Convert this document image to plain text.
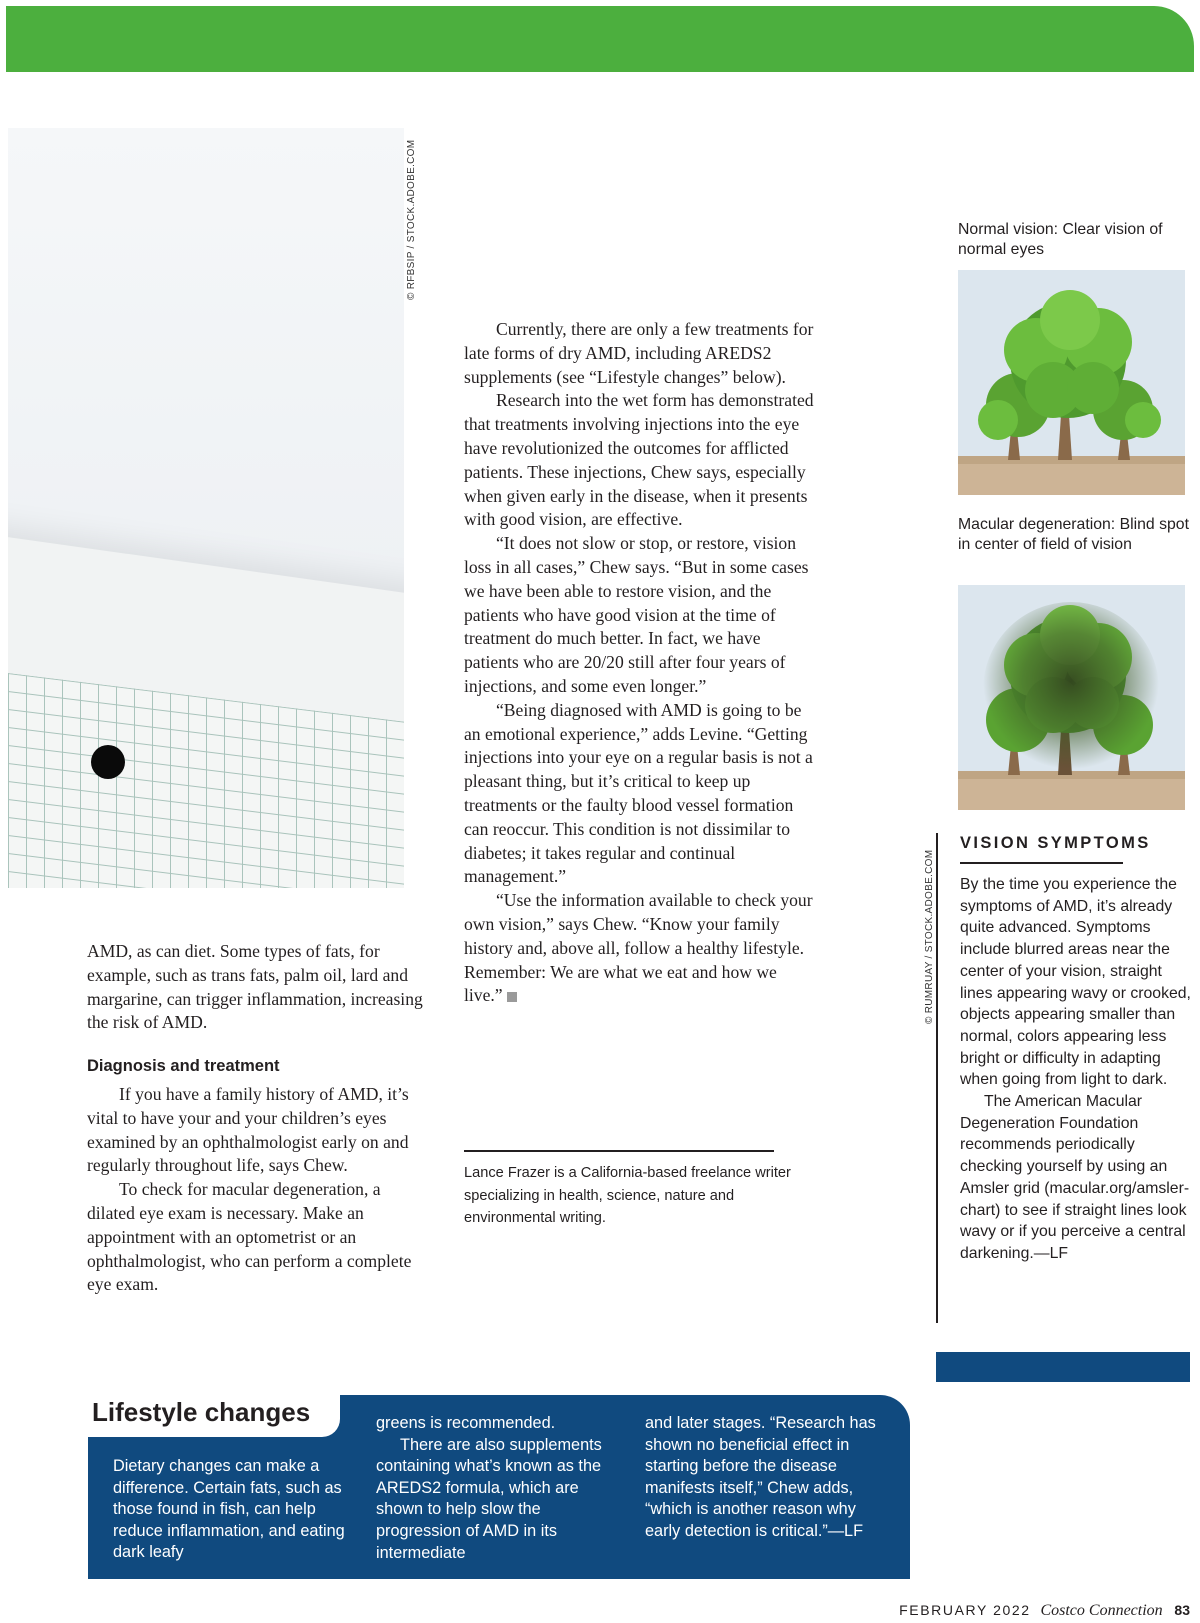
© RFBSIP / STOCK.ADOBE.COM

AMD, as can diet. Some types of fats, for example, such as trans fats, palm oil, lard and margarine, can trigger inflammation, increasing the risk of AMD.

Diagnosis and treatment

If you have a family history of AMD, it’s vital to have your and your children’s eyes examined by an ophthalmologist early on and regularly throughout life, says Chew.

To check for macular degeneration, a dilated eye exam is necessary. Make an appointment with an optometrist or an ophthalmologist, who can perform a complete eye exam.

Currently, there are only a few treatments for late forms of dry AMD, including AREDS2 supplements (see “Lifestyle changes” below).

Research into the wet form has demonstrated that treatments involving injections into the eye have revolutionized the outcomes for afflicted patients. These injections, Chew says, especially when given early in the disease, when it presents with good vision, are effective.

“It does not slow or stop, or restore, vision loss in all cases,” Chew says. “But in some cases we have been able to restore vision, and the patients who have good vision at the time of treatment do much better. In fact, we have patients who are 20/20 still after four years of injections, and some even longer.”

“Being diagnosed with AMD is going to be an emotional experience,” adds Levine. “Getting injections into your eye on a regular basis is not a pleasant thing, but it’s critical to keep up treatments or the faulty blood vessel formation can reoccur. This condition is not dissimilar to diabetes; it takes regular and continual management.”

“Use the information available to check your own vision,” says Chew. “Know your family history and, above all, follow a healthy lifestyle. Remember: We are what we eat and how we live.”

Lance Frazer is a California-based freelance writer specializing in health, science, nature and environmental writing.
Normal vision: Clear vision of normal eyes
Macular degeneration: Blind spot in center of field of vision
© RUMRUAY / STOCK.ADOBE.COM
VISION SYMPTOMS

By the time you experience the symptoms of AMD, it’s already quite advanced. Symptoms include blurred areas near the center of your vision, straight lines appearing wavy or crooked, objects appearing smaller than normal, colors appearing less bright or difficulty in adapting when going from light to dark.

The American Macular Degeneration Foundation recommends periodically checking yourself by using an Amsler grid (macular.org/amsler-chart) to see if straight lines look wavy or if you perceive a central darkening.—LF

Lifestyle changes

Dietary changes can make a difference. Certain fats, such as those found in fish, can help reduce inflammation, and eating dark leafy

greens is recommended.

There are also supplements containing what’s known as the AREDS2 formula, which are shown to help slow the progression of AMD in its intermediate

and later stages. “Research has shown no beneficial effect in starting before the disease manifests itself,” Chew adds, “which is another reason why early detection is critical.”—LF

FEBRUARY 2022 Costco Connection 83
